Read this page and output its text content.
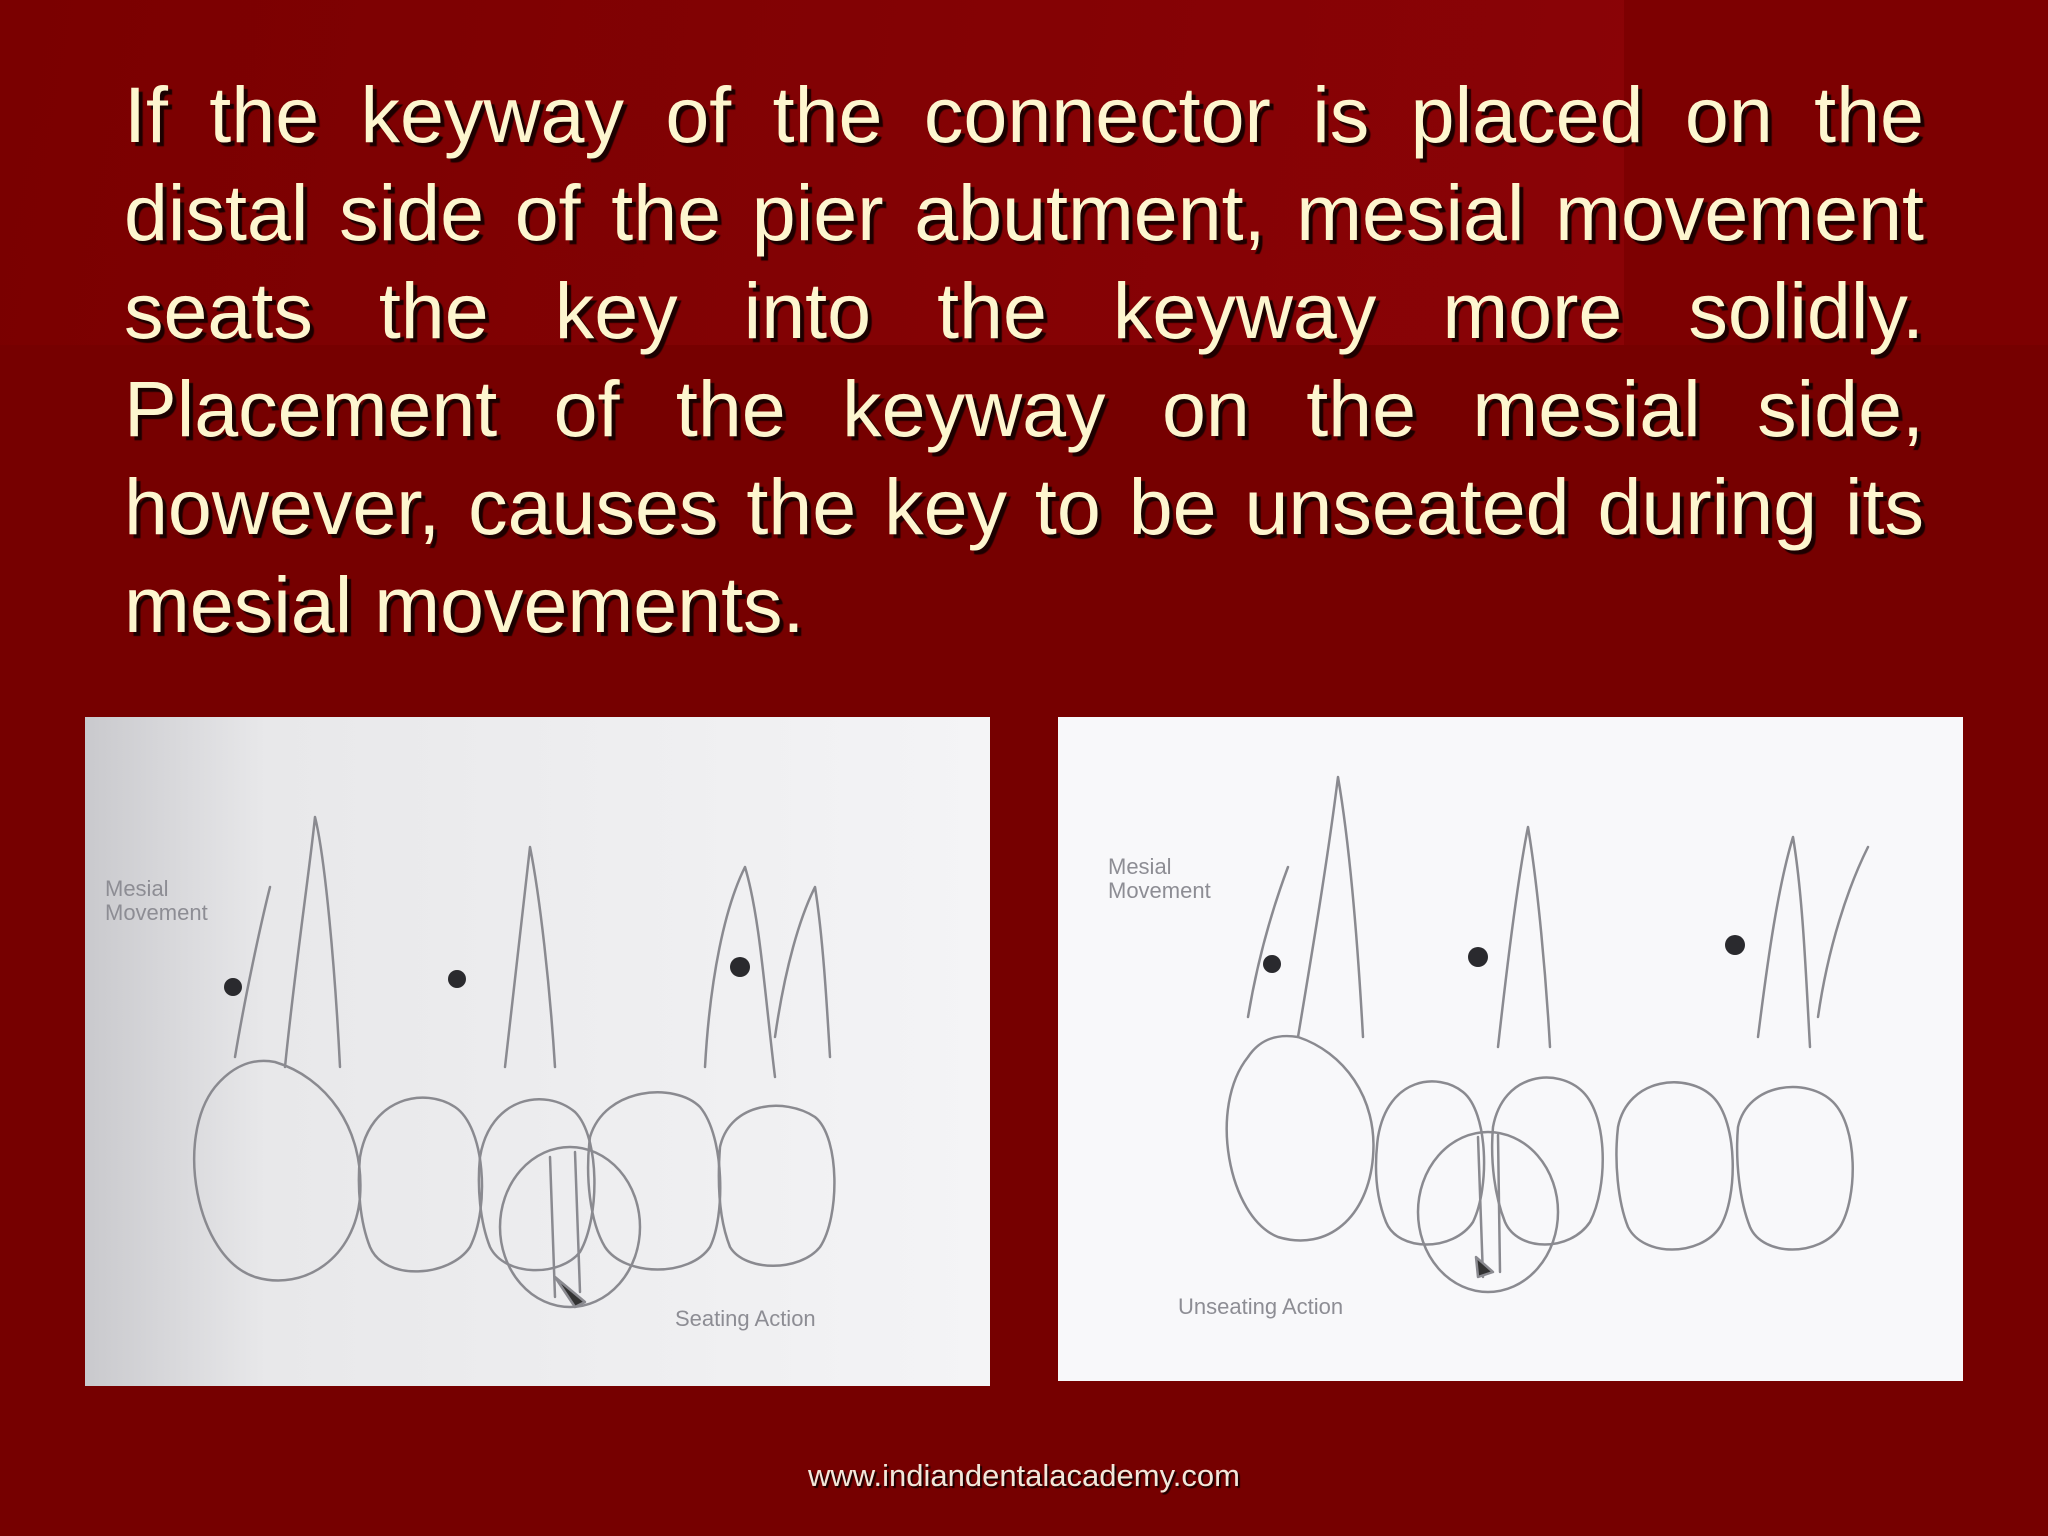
If the keyway of the connector is placed on the distal side of the pier abutment, mesial movement seats the key into the keyway more solidly. Placement of the keyway on the mesial side, however, causes the key to be unseated during its mesial movements.

Mesial Movement
Seating Action
Mesial Movement
Unseating Action
www.indiandentalacademy.com
